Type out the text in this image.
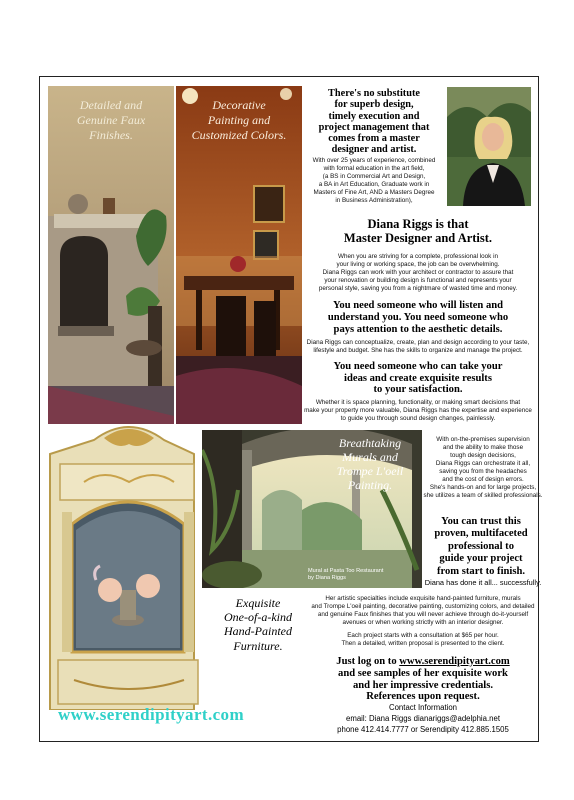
Detailed and
Genuine Faux
Finishes.
Decorative
Painting and
Customized Colors.
There's no substitute
for superb design,
timely execution and
project management that
comes from a master
designer and artist.
With over 25 years of experience, combined
with formal education in the art field,
(a BS in Commercial Art and Design,
a BA in Art Education, Graduate work in
Masters of Fine Art, AND a Masters Degree
in Business Administration),
Diana Riggs is that
Master Designer and Artist.
When you are striving for a complete, professional look in
your living or working space, the job can be overwhelming.
Diana Riggs can work with your architect or contractor to assure that
your renovation or building design is functional and represents your
personal style, saving you from a nightmare of wasted time and money.
You need someone who will listen and
understand you. You need someone who
pays attention to the aesthetic details.
Diana Riggs can conceptualize, create, plan and design according to your taste,
lifestyle and budget. She has the skills to organize and manage the project.
You need someone who can take your
ideas and create exquisite results
to your satisfaction.
Whether it is space planning, functionality, or making smart decisions that
make your property more valuable, Diana Riggs has the expertise and experience
to guide you through sound design changes, painlessly.
Breathtaking
Murals and
Trompe L'oeil
Painting.
Mural at Pasta Too Restaurant
by Diana Riggs
With on-the-premises supervision
and the ability to make those
tough design decisions,
Diana Riggs can orchestrate it all,
saving you from the headaches
and the cost of design errors.
She's hands-on and for large projects,
she utilizes a team of skilled professionals.
You can trust this
proven, multifaceted
professional to
guide your project
from start to finish.
Diana has done it all... successfully.
Exquisite
One-of-a-kind
Hand-Painted
Furniture.
Her artistic specialties include exquisite hand-painted furniture, murals
and Trompe L'oeil painting, decorative painting, customizing colors, and detailed
and genuine Faux finishes that you will never achieve through do-it-yourself
avenues or when working strictly with an interior designer.
Each project starts with a consultation at $65 per hour.
Then a detailed, written proposal is presented to the client.
Just log on to www.serendipityart.com
and see samples of her exquisite work
and her impressive credentials.
References upon request.
Contact Information
email: Diana Riggs dianariggs@adelphia.net
phone 412.414.7777 or Serendipity 412.885.1505
www.serendipityart.com
